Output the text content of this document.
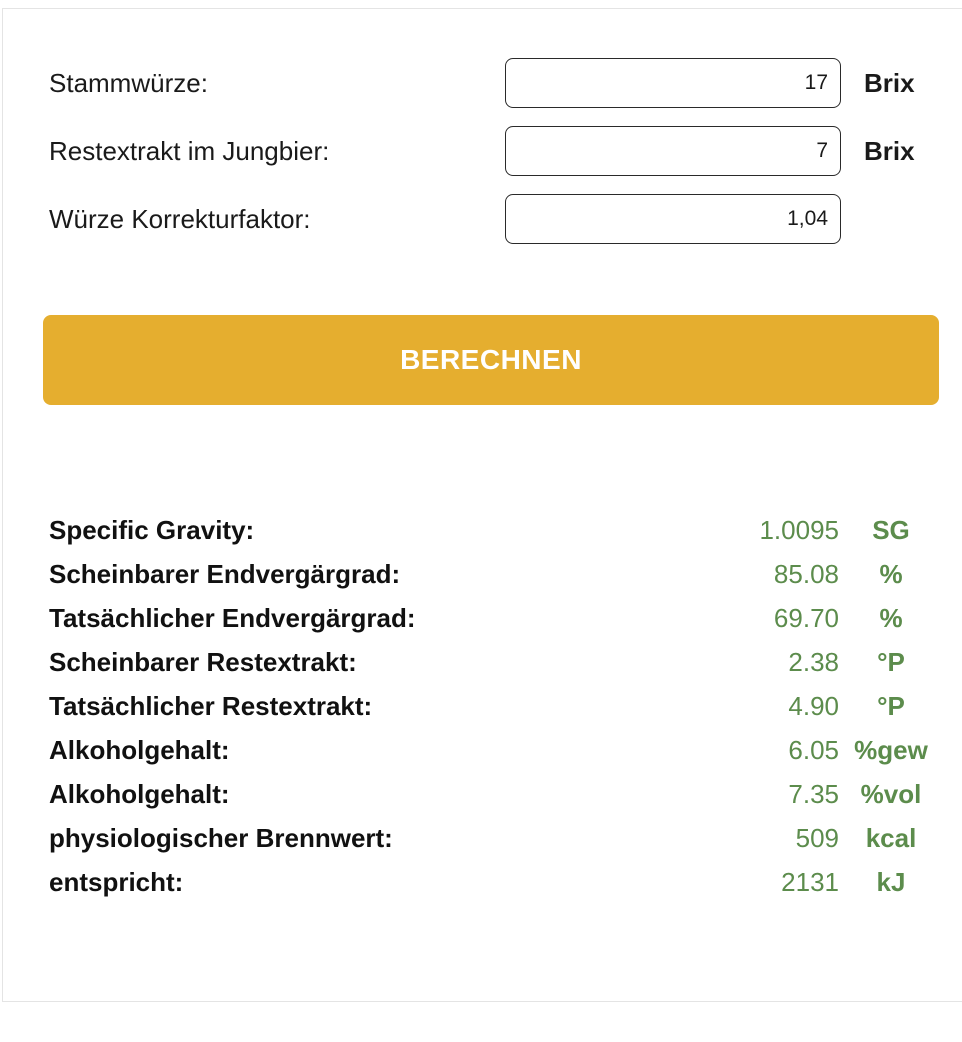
Stammwürze:
17	Brix
Restextrakt im Jungbier:
7	Brix
Würze Korrekturfaktor:
1,04
BERECHNEN
Specific Gravity:	1.0095	SG
Scheinbarer Endvergärgrad:	85.08	%
Tatsächlicher Endvergärgrad:	69.70	%
Scheinbarer Restextrakt:	2.38	°P
Tatsächlicher Restextrakt:	4.90	°P
Alkoholgehalt:	6.05 %gew
Alkoholgehalt:	7.35 %vol
physiologischer Brennwert:	509	kcal
entspricht:	2131	kJ
